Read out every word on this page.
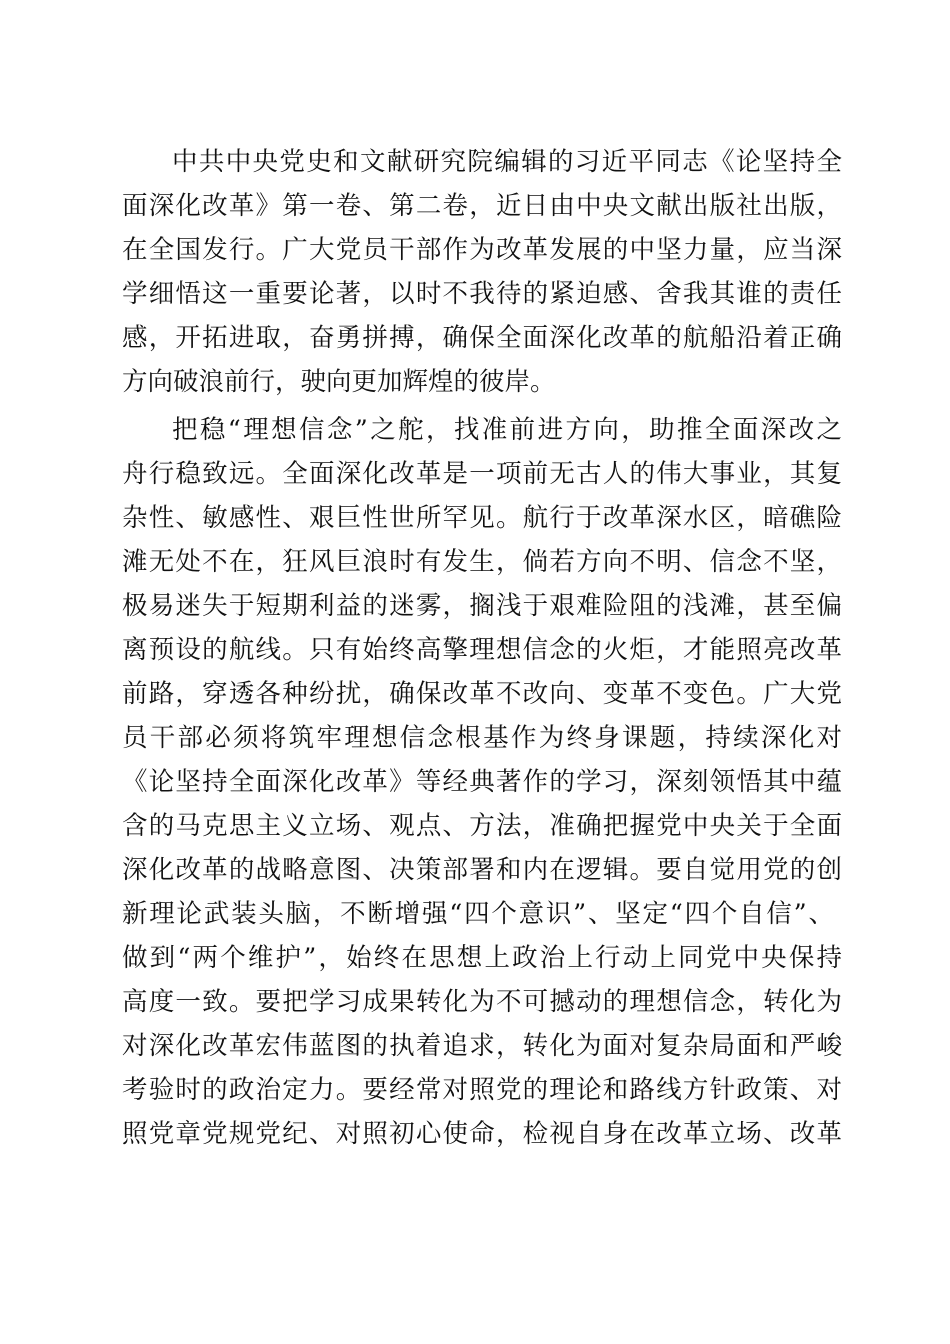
中共中央党史和文献研究院编辑的习近平同志《论坚持全
面深化改革》第一卷、第二卷，近日由中央文献出版社出版，
在全国发行。广大党员干部作为改革发展的中坚力量，应当深
学细悟这一重要论著，以时不我待的紧迫感、舍我其谁的责任
感，开拓进取，奋勇拼搏，确保全面深化改革的航船沿着正确
方向破浪前行，驶向更加辉煌的彼岸。
把稳“理想信念”之舵，找准前进方向，助推全面深改之
舟行稳致远。全面深化改革是一项前无古人的伟大事业，其复
杂性、敏感性、艰巨性世所罕见。航行于改革深水区，暗礁险
滩无处不在，狂风巨浪时有发生，倘若方向不明、信念不坚，
极易迷失于短期利益的迷雾，搁浅于艰难险阻的浅滩，甚至偏
离预设的航线。只有始终高擎理想信念的火炬，才能照亮改革
前路，穿透各种纷扰，确保改革不改向、变革不变色。广大党
员干部必须将筑牢理想信念根基作为终身课题，持续深化对
《论坚持全面深化改革》等经典著作的学习，深刻领悟其中蕴
含的马克思主义立场、观点、方法，准确把握党中央关于全面
深化改革的战略意图、决策部署和内在逻辑。要自觉用党的创
新理论武装头脑，不断增强“四个意识”、坚定“四个自信”、
做到“两个维护”，始终在思想上政治上行动上同党中央保持
高度一致。要把学习成果转化为不可撼动的理想信念，转化为
对深化改革宏伟蓝图的执着追求，转化为面对复杂局面和严峻
考验时的政治定力。要经常对照党的理论和路线方针政策、对
照党章党规党纪、对照初心使命，检视自身在改革立场、改革
